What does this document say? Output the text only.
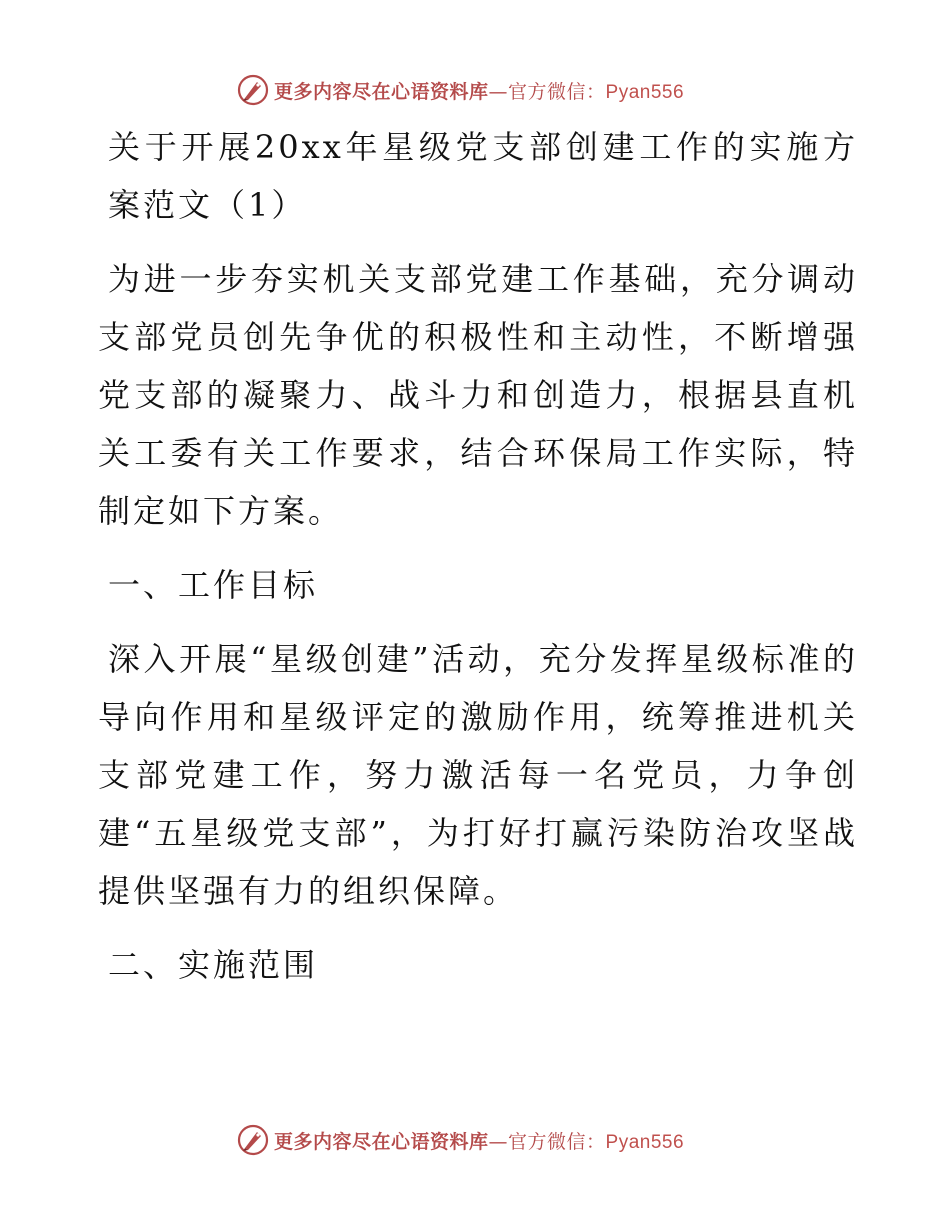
更多内容尽在心语资料库—官方微信：Pyan556

关于开展20xx年星级党支部创建工作的实施方案范文（1）

为进一步夯实机关支部党建工作基础，充分调动支部党员创先争优的积极性和主动性，不断增强党支部的凝聚力、战斗力和创造力，根据县直机关工委有关工作要求，结合环保局工作实际，特制定如下方案。

一、工作目标

深入开展“星级创建”活动，充分发挥星级标准的导向作用和星级评定的激励作用，统筹推进机关支部党建工作，努力激活每一名党员，力争创建“五星级党支部”，为打好打赢污染防治攻坚战提供坚强有力的组织保障。

二、实施范围

更多内容尽在心语资料库—官方微信：Pyan556
